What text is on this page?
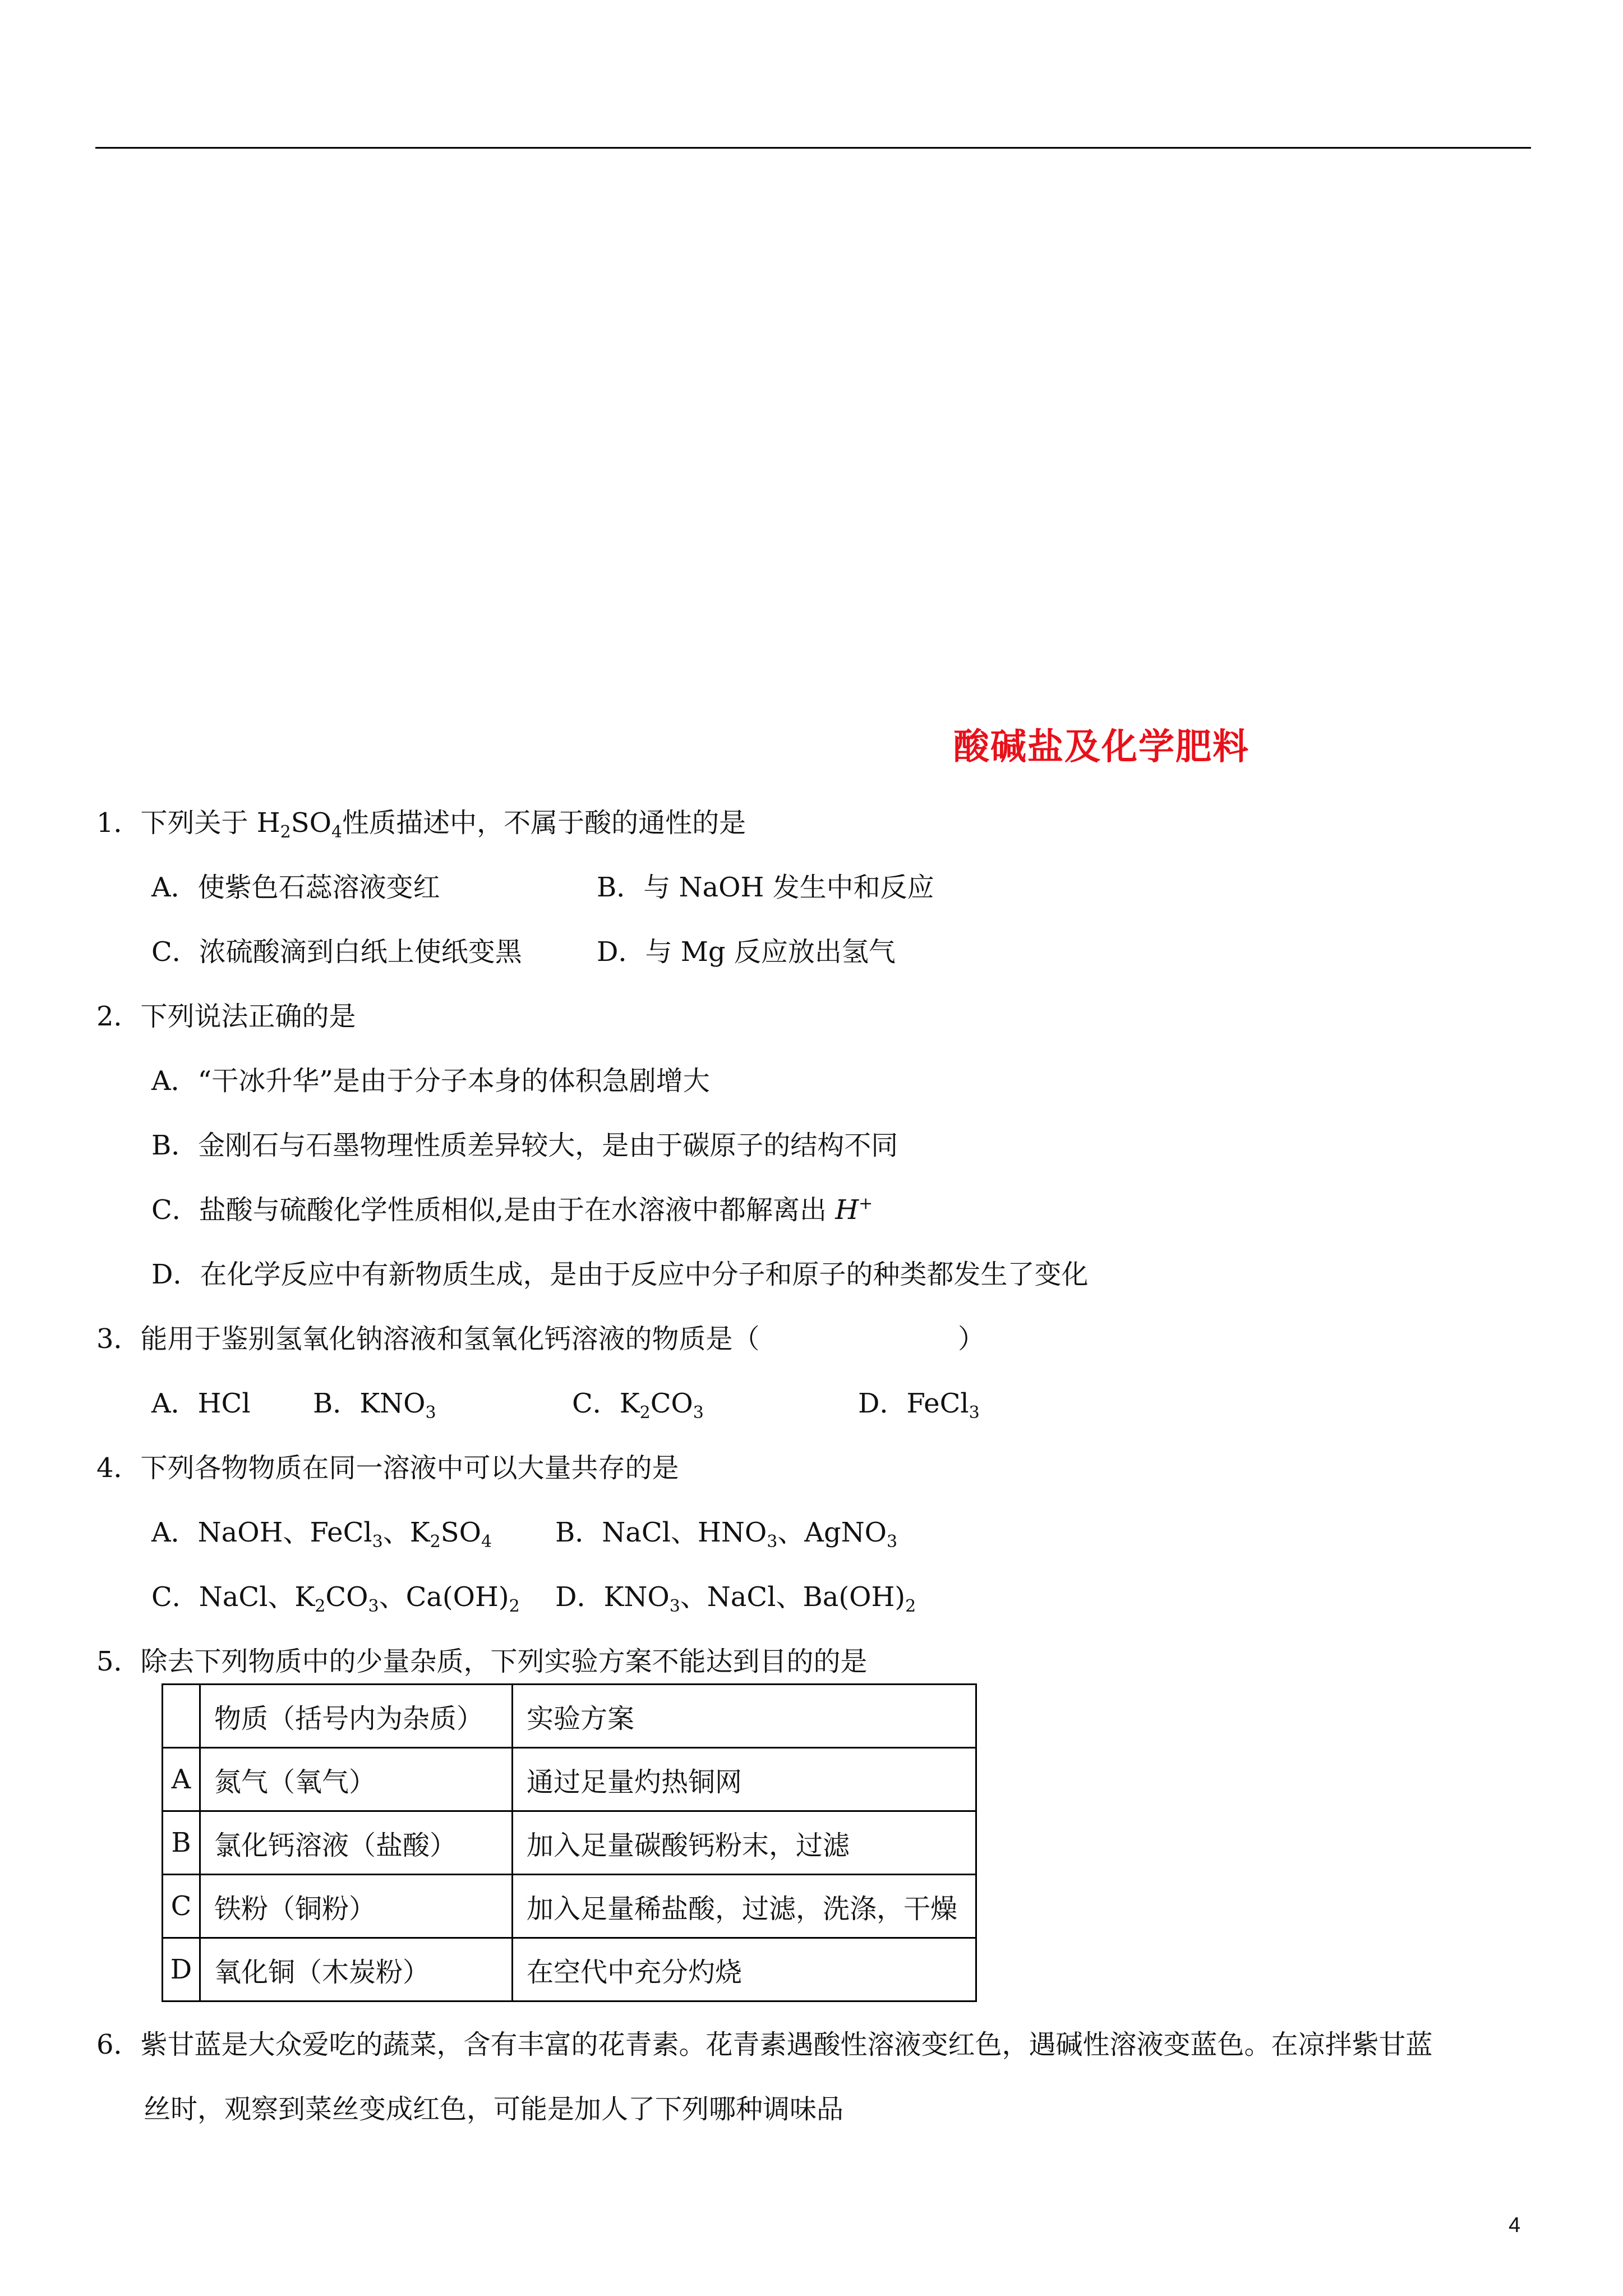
酸碱盐及化学肥料
1．下列关于 $H_2SO_4$性质描述中，不属于酸的通性的是
A．使紫色石蕊溶液变红	B．与 NaOH 发生中和反应
C．浓硫酸滴到白纸上使纸变黑	D．与 Mg 反应放出氢气
2．下列说法正确的是
A．“干冰升华”是由于分子本身的体积急剧增大
B．金刚石与石墨物理性质差异较大，是由于碳原子的结构不同
C．盐酸与硫酸化学性质相似,是由于在水溶液中都解离出 H+
D．在化学反应中有新物质生成，是由于反应中分子和原子的种类都发生了变化
3．能用于鉴别氢氧化钠溶液和氢氧化钙溶液的物质是（	）
A．HCl B．$KNO_3$	C．$K_2CO_3$	D．FeCl$_3$
4．下列各物物质在同一溶液中可以大量共存的是
A．NaOH、FeCl$_3$、$K_2SO_4$ B．NaCl、$HNO_3$、AgNO$_3$
C．NaCl、$K_2CO_3$、$Ca(OH)_2$ D．$KNO_3$、NaCl、$Ba(OH)_2$
5．除去下列物质中的少量杂质，下列实验方案不能达到目的的是
	物质（括号内为杂质）	实验方案
A	氮气（氧气）	通过足量灼热铜网
B	氯化钙溶液（盐酸）	加入足量碳酸钙粉末，过滤
C	铁粉（铜粉）	加入足量稀盐酸，过滤，洗涤，干燥
D	氧化铜（木炭粉）	在空代中充分灼烧
6．紫甘蓝是大众爱吃的蔬菜，含有丰富的花青素。花青素遇酸性溶液变红色，遇碱性溶液变蓝色。在凉拌紫甘蓝
丝时，观察到菜丝变成红色，可能是加人了下列哪种调味品
4
